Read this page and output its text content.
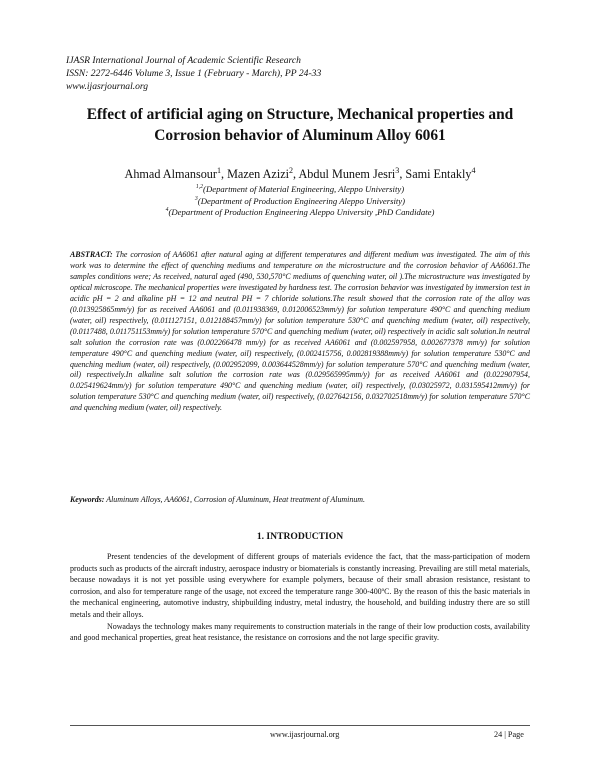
IJASR International Journal of Academic Scientific Research
ISSN: 2272-6446 Volume 3, Issue 1 (February - March), PP 24-33
www.ijasrjournal.org
Effect of artificial aging on Structure, Mechanical properties and
Corrosion behavior of Aluminum Alloy 6061
Ahmad Almansour$^1$, Mazen Azizi$^2$, Abdul Munem Jesri$^3$, Sami Entakly$^4$
$^{1,2}$(Department of Material Engineering, Aleppo University)
$^3$(Department of Production Engineering Aleppo University)
$^4$(Department of Production Engineering Aleppo University ,PhD Candidate)
ABSTRACT: The corrosion of AA6061 after natural aging at different temperatures and different medium was investigated. The aim of this work was to determine the effect of quenching mediums and temperature on the microstructure and the corrosion behavior of AA6061.The samples conditions were; As received, natural aged (490, 530,570°C mediums of quenching water, oil ).The microstructure was investigated by optical microscope. The mechanical properties were investigated by hardness test. The corrosion behavior was investigated by immersion test in acidic pH = 2 and alkaline pH = 12 and neutral PH = 7 chloride solutions.The result showed that the corrosion rate of the alloy was (0.013925865mm/y) for as received AA6061 and (0.011938369, 0.012006523mm/y) for solution temperature 490°C and quenching medium (water, oil) respectively, (0.011127151, 0.012188457mm/y) for solution temperature 530°C and quenching medium (water, oil) respectively, (0.0117488, 0.011751153mm/y) for solution temperature 570°C and quenching medium (water, oil) respectively in acidic salt solution.In neutral salt solution the corrosion rate was (0.002266478 mm/y) for as received AA6061 and (0.002597958, 0.002677378 mm/y) for solution temperature 490°C and quenching medium (water, oil) respectively, (0.002415756, 0.002819388mm/y) for solution temperature 530°C and quenching medium (water, oil) respectively, (0.002952099, 0.003644528mm/y) for solution temperature 570°C and quenching medium (water, oil) respectively.In alkaline salt solution the corrosion rate was (0.029565995mm/y) for as received AA6061 and (0.022907954, 0.025419624mm/y) for solution temperature 490°C and quenching medium (water, oil) respectively, (0.03025972, 0.031595412mm/y) for solution temperature 530°C and quenching medium (water, oil) respectively, (0.027642156, 0.032702518mm/y) for solution temperature 570°C and quenching medium (water, oil) respectively.
Keywords: Aluminum Alloys, AA6061, Corrosion of Aluminum, Heat treatment of Aluminum.
1. INTRODUCTION

Present tendencies of the development of different groups of materials evidence the fact, that the mass-participation of modern products such as products of the aircraft industry, aerospace industry or biomaterials is constantly increasing. Prevailing are still metal materials, because nowadays it is not yet possible using everywhere for example polymers, because of their small abrasion resistance, resistant to corrosion, and also for temperature range of the usage, not exceed the temperature range 300-400ºC. By the reason of this the basic materials in the mechanical engineering, automotive industry, shipbuilding industry, metal industry, the household, and building industry there are so still metals and their alloys.

Nowadays the technology makes many requirements to construction materials in the range of their low production costs, availability and good mechanical properties, great heat resistance, the resistance on corrosions and the not large specific gravity.

www.ijasrjournal.org	24 | Page
